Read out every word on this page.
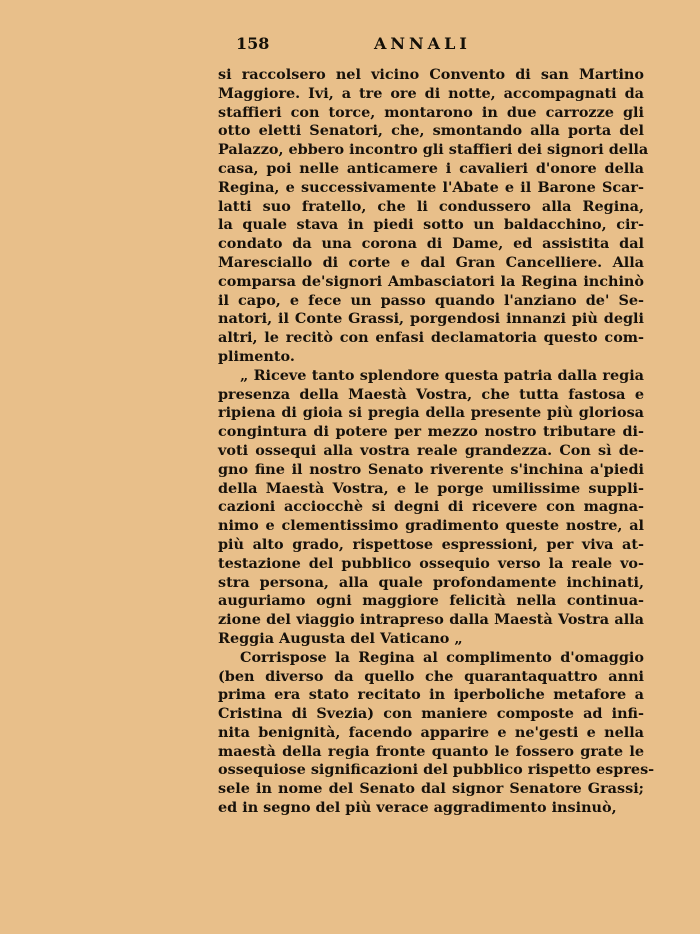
158	ANNALI
si raccolsero nel vicino Convento di san Martino
Maggiore. Ivi, a tre ore di notte, accompagnati da
staffieri con torce, montarono in due carrozze gli
otto eletti Senatori, che, smontando alla porta del
Palazzo, ebbero incontro gli staffieri dei signori della
casa, poi nelle anticamere i cavalieri d'onore della
Regina, e successivamente l'Abate e il Barone Scar-
latti suo fratello, che li condussero alla Regina,
la quale stava in piedi sotto un baldacchino, cir-
condato da una corona di Dame, ed assistita dal
Maresciallo di corte e dal Gran Cancelliere. Alla
comparsa de'signori Ambasciatori la Regina inchinò
il capo, e fece un passo quando l'anziano de' Se-
natori, il Conte Grassi, porgendosi innanzi più degli
altri, le recitò con enfasi declamatoria questo com-
plimento.
„ Riceve tanto splendore questa patria dalla regia
presenza della Maestà Vostra, che tutta fastosa e
ripiena di gioia si pregia della presente più gloriosa
congintura di potere per mezzo nostro tributare di-
voti ossequi alla vostra reale grandezza. Con sì de-
gno fine il nostro Senato riverente s'inchina a'piedi
della Maestà Vostra, e le porge umilissime suppli-
cazioni acciocchè si degni di ricevere con magna-
nimo e clementissimo gradimento queste nostre, al
più alto grado, rispettose espressioni, per viva at-
testazione del pubblico ossequio verso la reale vo-
stra persona, alla quale profondamente inchinati,
auguriamo ogni maggiore felicità nella continua-
zione del viaggio intrapreso dalla Maestà Vostra alla
Reggia Augusta del Vaticano „
Corrispose la Regina al complimento d'omaggio
(ben diverso da quello che quarantaquattro anni
prima era stato recitato in iperboliche metafore a
Cristina di Svezia) con maniere composte ad infi-
nita benignità, facendo apparire e ne'gesti e nella
maestà della regia fronte quanto le fossero grate le
ossequiose significazioni del pubblico rispetto espres-
sele in nome del Senato dal signor Senatore Grassi;
ed in segno del più verace aggradimento insinuò,
